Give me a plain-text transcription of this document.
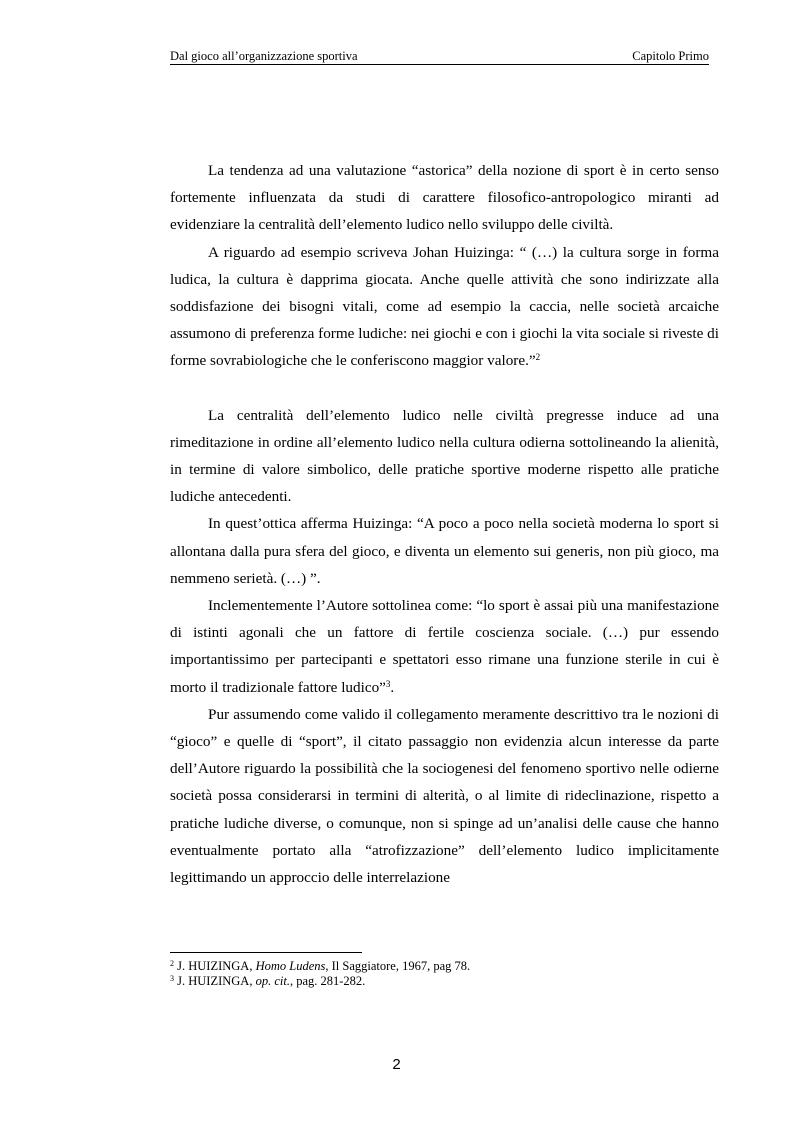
Dal gioco all’organizzazione sportiva	Capitolo Primo

La tendenza ad una valutazione “astorica” della nozione di sport è in certo senso fortemente influenzata da studi di carattere filosofico-antropologico miranti ad evidenziare la centralità dell’elemento ludico nello sviluppo delle civiltà.

A riguardo ad esempio scriveva Johan Huizinga: “ (…) la cultura sorge in forma ludica, la cultura è dapprima giocata. Anche quelle attività che sono indirizzate alla soddisfazione dei bisogni vitali, come ad esempio la caccia, nelle società arcaiche assumono di preferenza forme ludiche: nei giochi e con i giochi la vita sociale si riveste di forme sovrabiologiche che le conferiscono maggior valore.”$^2$

La centralità dell’elemento ludico nelle civiltà pregresse induce ad una rimeditazione in ordine all’elemento ludico nella cultura odierna sottolineando la alienità, in termine di valore simbolico, delle pratiche sportive moderne rispetto alle pratiche ludiche antecedenti.

In quest’ottica afferma Huizinga: “A poco a poco nella società moderna lo sport si allontana dalla pura sfera del gioco, e diventa un elemento sui generis, non più gioco, ma nemmeno serietà. (…) ”.

Inclementemente l’Autore sottolinea come: “lo sport è assai più una manifestazione di istinti agonali che un fattore di fertile coscienza sociale. (…) pur essendo importantissimo per partecipanti e spettatori esso rimane una funzione sterile in cui è morto il tradizionale fattore ludico”$^3$.

Pur assumendo come valido il collegamento meramente descrittivo tra le nozioni di “gioco” e quelle di “sport”, il citato passaggio non evidenzia alcun interesse da parte dell’Autore riguardo la possibilità che la sociogenesi del fenomeno sportivo nelle odierne società possa considerarsi in termini di alterità, o al limite di rideclinazione, rispetto a pratiche ludiche diverse, o comunque, non si spinge ad un’analisi delle cause che hanno eventualmente portato alla “atrofizzazione” dell’elemento ludico implicitamente legittimando un approccio delle interrelazione

$^2$ J. HUIZINGA, Homo Ludens, Il Saggiatore, 1967, pag 78.
$^3$ J. HUIZINGA, op. cit., pag. 281-282.
2
